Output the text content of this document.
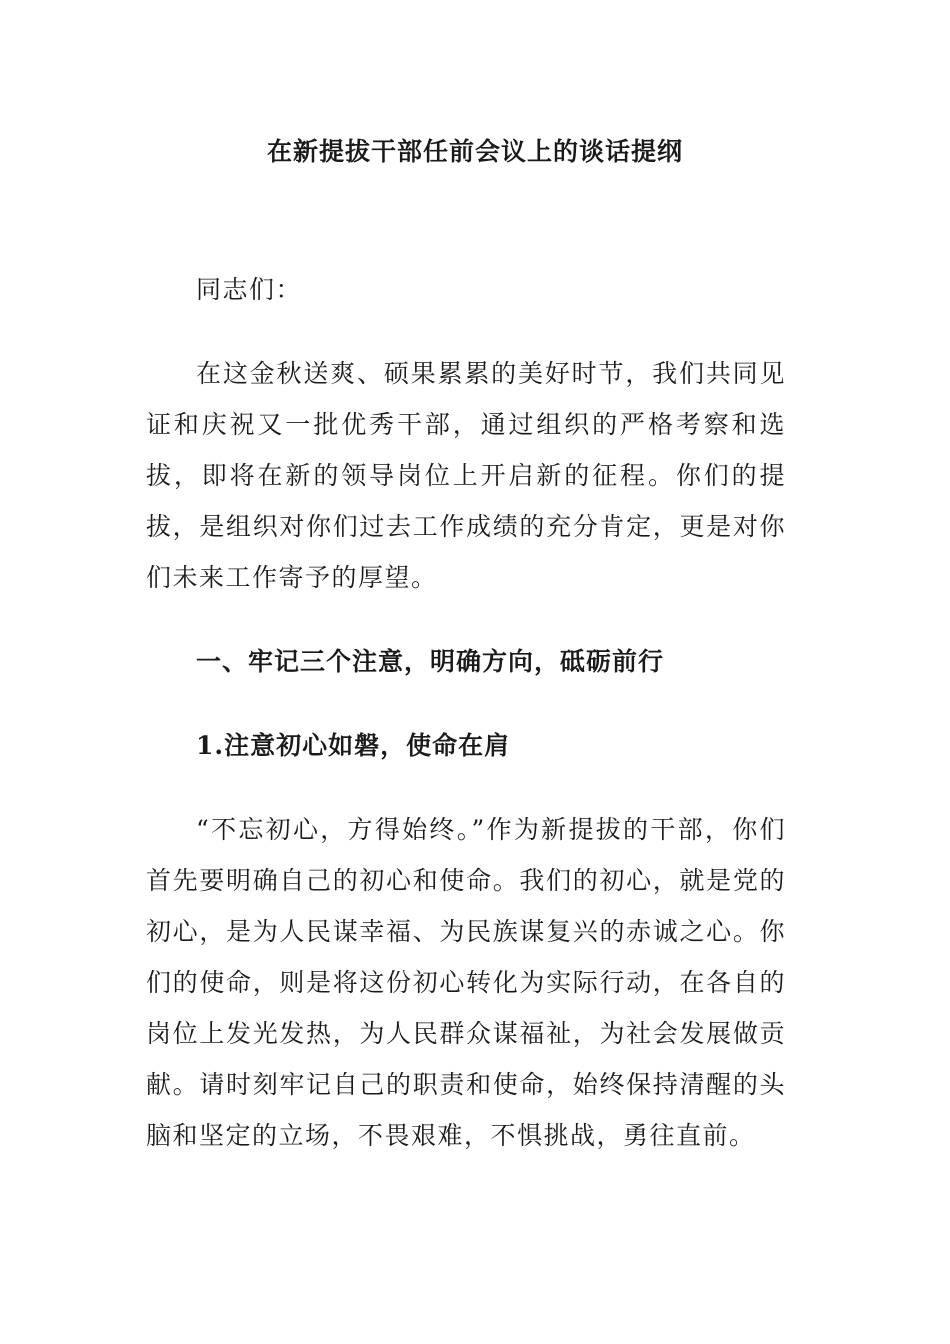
在新提拔干部任前会议上的谈话提纲
同志们：
在这金秋送爽、硕果累累的美好时节，我们共同见证和庆祝又一批优秀干部，通过组织的严格考察和选拔，即将在新的领导岗位上开启新的征程。你们的提拔，是组织对你们过去工作成绩的充分肯定，更是对你们未来工作寄予的厚望。
一、牢记三个注意，明确方向，砥砺前行
1.注意初心如磐，使命在肩
“不忘初心，方得始终。”作为新提拔的干部，你们首先要明确自己的初心和使命。我们的初心，就是党的初心，是为人民谋幸福、为民族谋复兴的赤诚之心。你们的使命，则是将这份初心转化为实际行动，在各自的岗位上发光发热，为人民群众谋福祉，为社会发展做贡献。请时刻牢记自己的职责和使命，始终保持清醒的头脑和坚定的立场，不畏艰难，不惧挑战，勇往直前。
